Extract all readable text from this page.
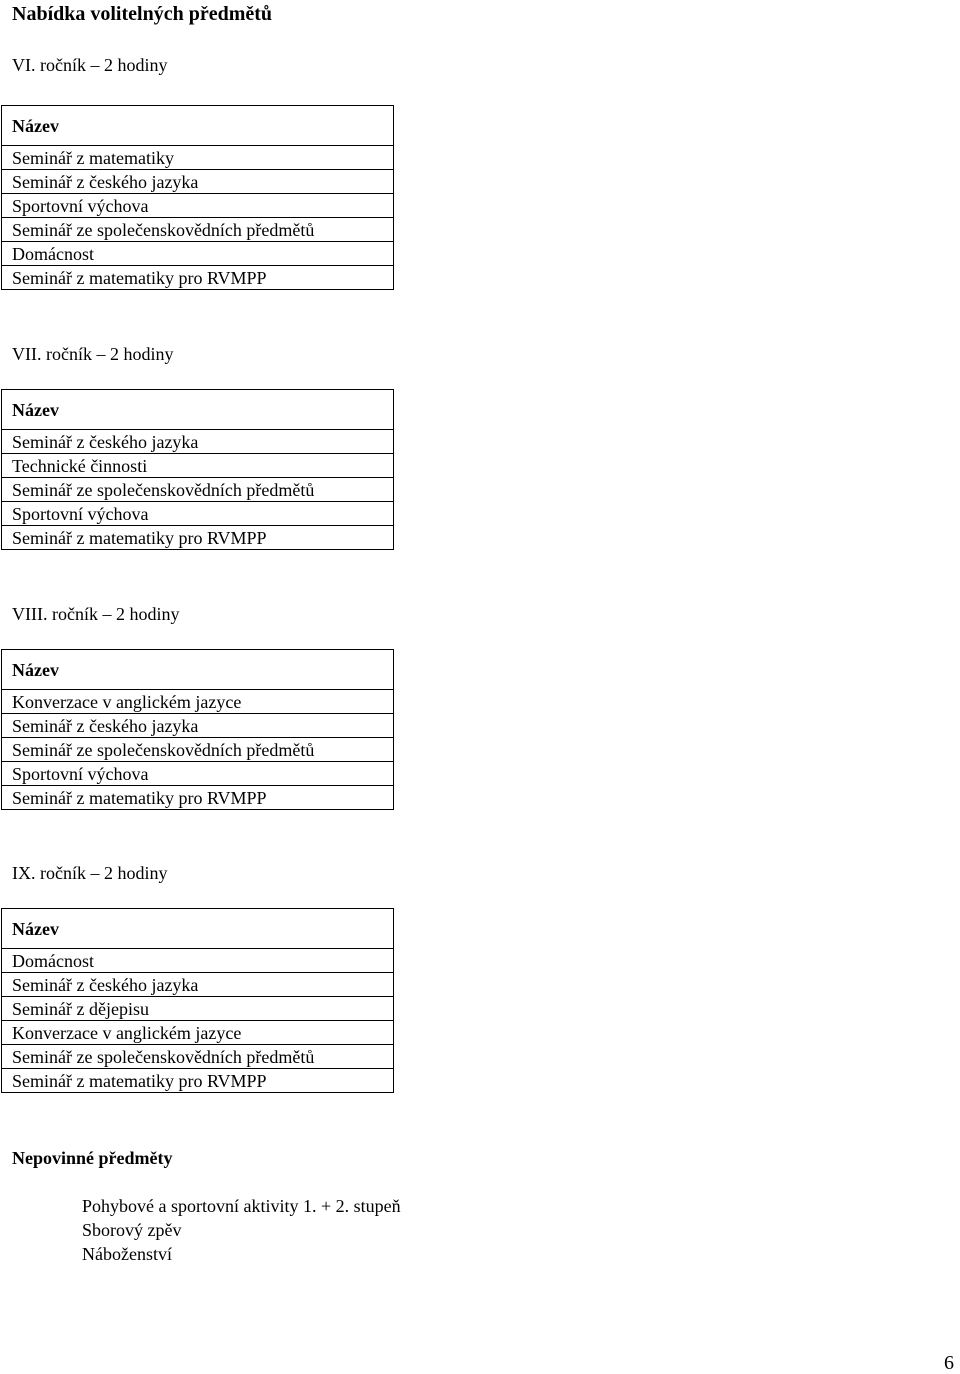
Nabídka volitelných předmětů
VI. ročník – 2 hodiny
Název
Seminář z matematiky
Seminář z českého jazyka
Sportovní výchova
Seminář ze společenskovědních předmětů
Domácnost
Seminář z matematiky pro RVMPP
VII. ročník – 2 hodiny
Název
Seminář z českého jazyka
Technické činnosti
Seminář ze společenskovědních předmětů
Sportovní výchova
Seminář z matematiky pro RVMPP
VIII. ročník – 2 hodiny
Název
Konverzace v anglickém jazyce
Seminář z českého jazyka
Seminář ze společenskovědních předmětů
Sportovní výchova
Seminář z matematiky pro RVMPP
IX. ročník – 2 hodiny
Název
Domácnost
Seminář z českého jazyka
Seminář z dějepisu
Konverzace v anglickém jazyce
Seminář ze společenskovědních předmětů
Seminář z matematiky pro RVMPP
Nepovinné předměty
Pohybové a sportovní aktivity 1. + 2. stupeň
Sborový zpěv
Náboženství
6
